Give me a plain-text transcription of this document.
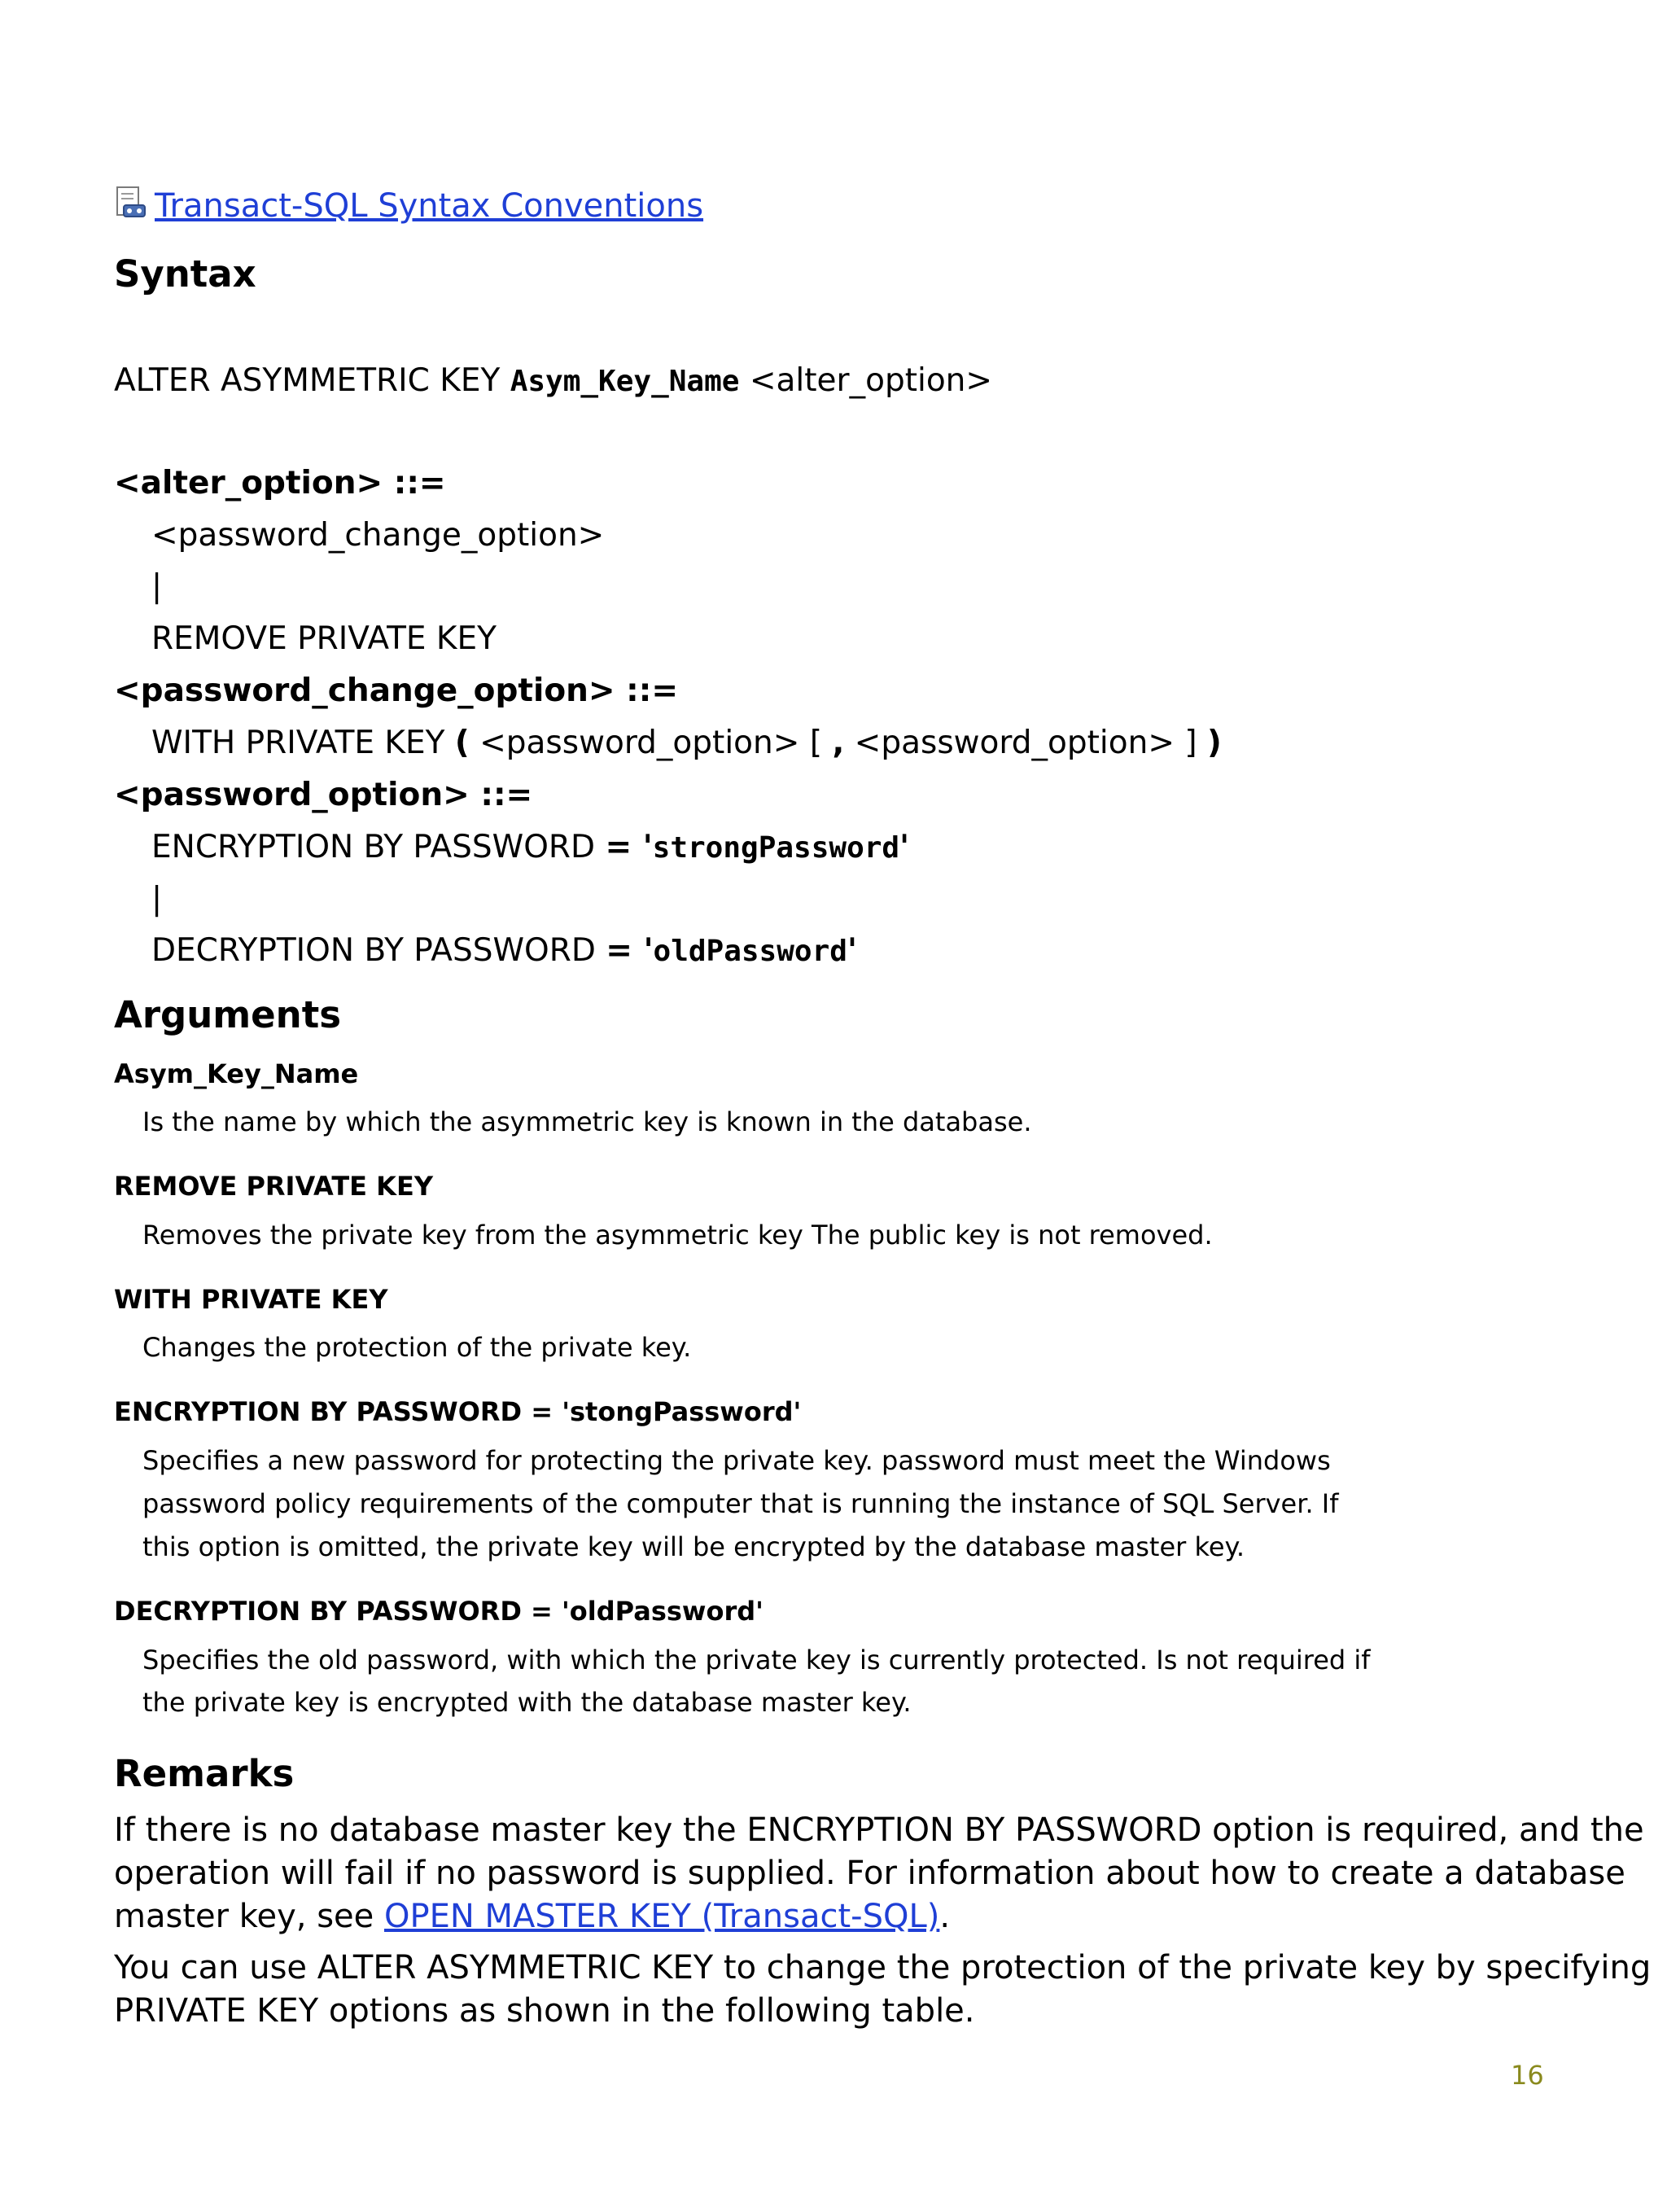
Transact-SQL Syntax Conventions
Syntax
ALTER ASYMMETRIC KEY Asym_Key_Name <alter_option>
<alter_option> ::=
<password_change_option>
|
REMOVE PRIVATE KEY
<password_change_option> ::=
WITH PRIVATE KEY ( <password_option> [ , <password_option> ] )
<password_option> ::=
ENCRYPTION BY PASSWORD = 'strongPassword'
|
DECRYPTION BY PASSWORD = 'oldPassword'
Arguments
Asym_Key_Name
Is the name by which the asymmetric key is known in the database.
REMOVE PRIVATE KEY
Removes the private key from the asymmetric key The public key is not removed.
WITH PRIVATE KEY
Changes the protection of the private key.
ENCRYPTION BY PASSWORD = 'stongPassword'
Specifies a new password for protecting the private key. password must meet the Windows
password policy requirements of the computer that is running the instance of SQL Server. If
this option is omitted, the private key will be encrypted by the database master key.
DECRYPTION BY PASSWORD = 'oldPassword'
Specifies the old password, with which the private key is currently protected. Is not required if
the private key is encrypted with the database master key.
Remarks
If there is no database master key the ENCRYPTION BY PASSWORD option is required, and the
operation will fail if no password is supplied. For information about how to create a database
master key, see OPEN MASTER KEY (Transact-SQL).
You can use ALTER ASYMMETRIC KEY to change the protection of the private key by specifying
PRIVATE KEY options as shown in the following table.
16
